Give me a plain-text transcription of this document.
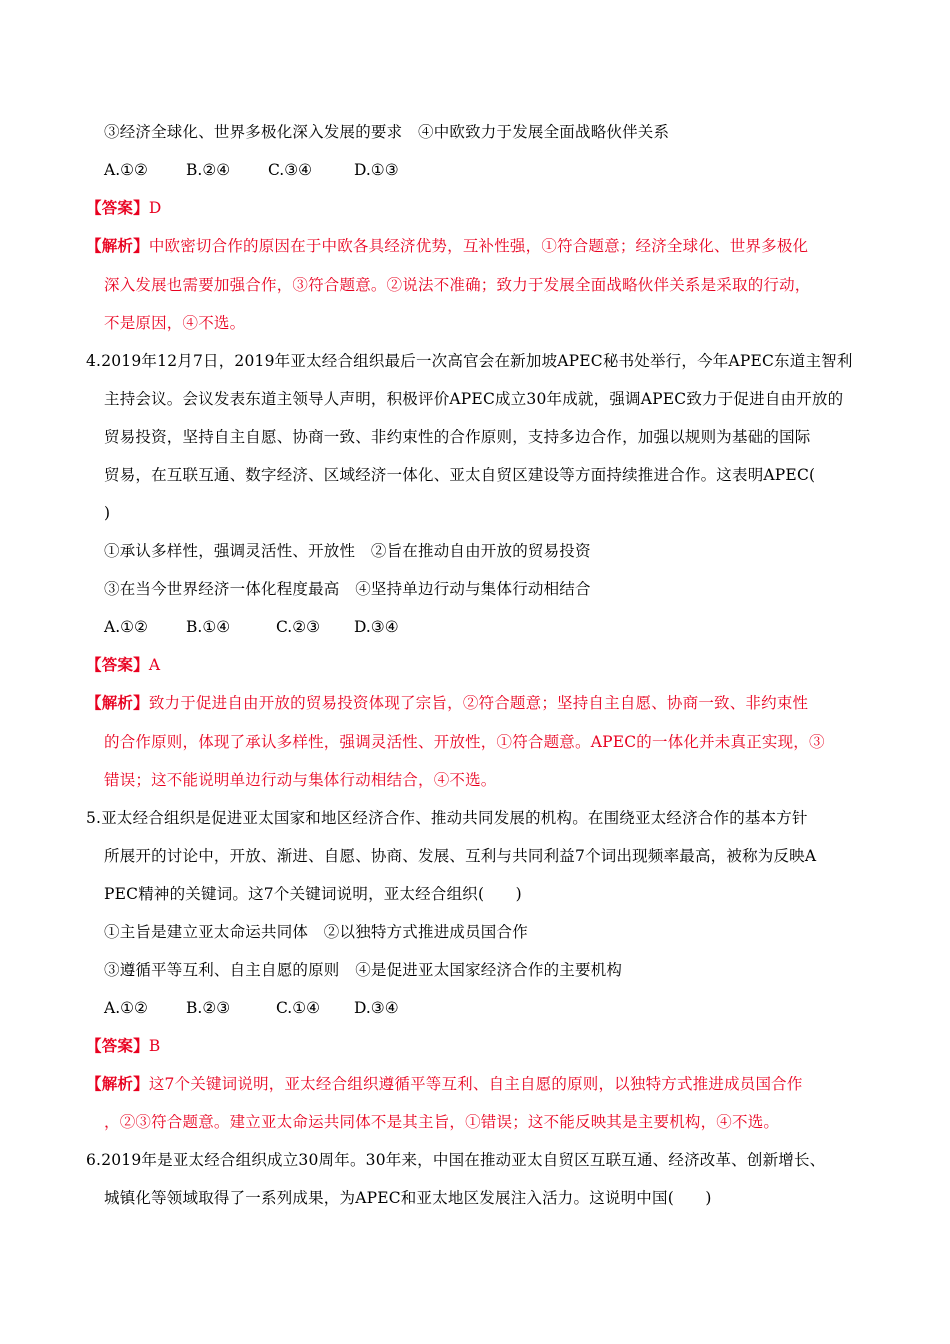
③经济全球化、世界多极化深入发展的要求　④中欧致力于发展全面战略伙伴关系
A.①② B.②④ C.③④	D.①③
【答案】D
【解析】中欧密切合作的原因在于中欧各具经济优势，互补性强，①符合题意；经济全球化、世界多极化
深入发展也需要加强合作，③符合题意。②说法不准确；致力于发展全面战略伙伴关系是采取的行动，
不是原因，④不选。
4.2019年12月7日，2019年亚太经合组织最后一次高官会在新加坡APEC秘书处举行，今年APEC东道主智利
主持会议。会议发表东道主领导人声明，积极评价APEC成立30年成就，强调APEC致力于促进自由开放的
贸易投资，坚持自主自愿、协商一致、非约束性的合作原则，支持多边合作，加强以规则为基础的国际
贸易，在互联互通、数字经济、区域经济一体化、亚太自贸区建设等方面持续推进合作。这表明APEC(
)
①承认多样性，强调灵活性、开放性　②旨在推动自由开放的贸易投资
③在当今世界经济一体化程度最高　④坚持单边行动与集体行动相结合
A.①② B.①④	C.②③ D.③④
【答案】A
【解析】致力于促进自由开放的贸易投资体现了宗旨，②符合题意；坚持自主自愿、协商一致、非约束性
的合作原则，体现了承认多样性，强调灵活性、开放性，①符合题意。APEC的一体化并未真正实现，③
错误；这不能说明单边行动与集体行动相结合，④不选。
5.亚太经合组织是促进亚太国家和地区经济合作、推动共同发展的机构。在围绕亚太经济合作的基本方针
所展开的讨论中，开放、渐进、自愿、协商、发展、互利与共同利益7个词出现频率最高，被称为反映A
PEC精神的关键词。这7个关键词说明，亚太经合组织(　　)
①主旨是建立亚太命运共同体　②以独特方式推进成员国合作
③遵循平等互利、自主自愿的原则　④是促进亚太国家经济合作的主要机构
A.①② B.②③	C.①④ D.③④
【答案】B
【解析】这7个关键词说明，亚太经合组织遵循平等互利、自主自愿的原则，以独特方式推进成员国合作
，②③符合题意。建立亚太命运共同体不是其主旨，①错误；这不能反映其是主要机构，④不选。
6.2019年是亚太经合组织成立30周年。30年来，中国在推动亚太自贸区互联互通、经济改革、创新增长、
城镇化等领域取得了一系列成果，为APEC和亚太地区发展注入活力。这说明中国(　　)
